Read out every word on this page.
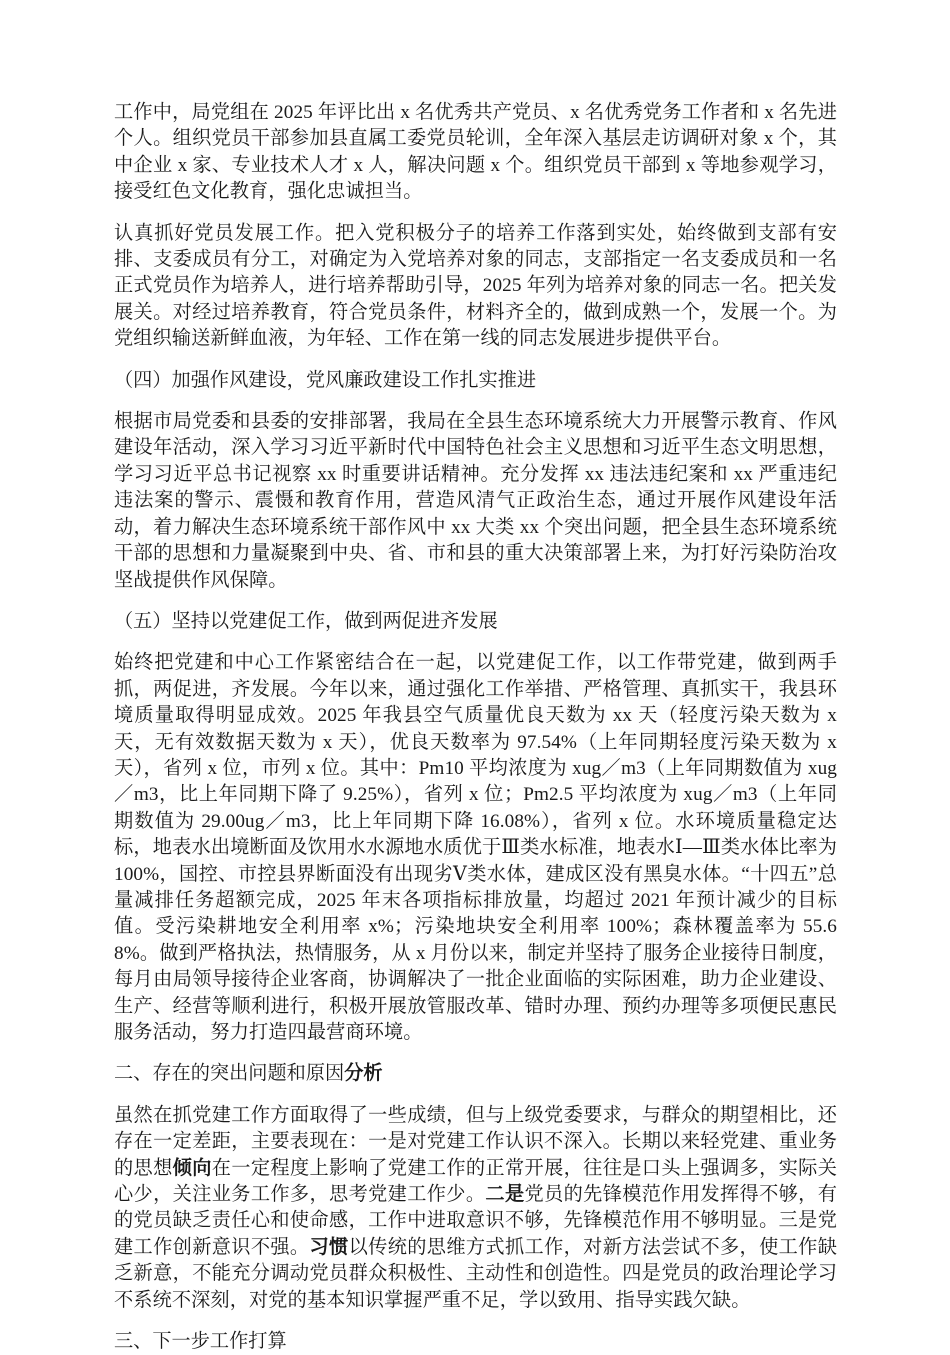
工作中，局党组在 2025 年评比出 x 名优秀共产党员、x 名优秀党务工作者和 x 名先进个人。组织党员干部参加县直属工委党员轮训，全年深入基层走访调研对象 x 个，其中企业 x 家、专业技术人才 x 人，解决问题 x 个。组织党员干部到 x 等地参观学习，接受红色文化教育，强化忠诚担当。

认真抓好党员发展工作。把入党积极分子的培养工作落到实处，始终做到支部有安排、支委成员有分工，对确定为入党培养对象的同志，支部指定一名支委成员和一名正式党员作为培养人，进行培养帮助引导，2025 年列为培养对象的同志一名。把关发展关。对经过培养教育，符合党员条件，材料齐全的，做到成熟一个，发展一个。为党组织输送新鲜血液，为年轻、工作在第一线的同志发展进步提供平台。

（四）加强作风建设，党风廉政建设工作扎实推进

根据市局党委和县委的安排部署，我局在全县生态环境系统大力开展警示教育、作风建设年活动，深入学习习近平新时代中国特色社会主义思想和习近平生态文明思想，学习习近平总书记视察 xx 时重要讲话精神。充分发挥 xx 违法违纪案和 xx 严重违纪违法案的警示、震慑和教育作用，营造风清气正政治生态，通过开展作风建设年活动，着力解决生态环境系统干部作风中 xx 大类 xx 个突出问题，把全县生态环境系统干部的思想和力量凝聚到中央、省、市和县的重大决策部署上来，为打好污染防治攻坚战提供作风保障。

（五）坚持以党建促工作，做到两促进齐发展

始终把党建和中心工作紧密结合在一起，以党建促工作，以工作带党建，做到两手抓，两促进，齐发展。今年以来，通过强化工作举措、严格管理、真抓实干，我县环境质量取得明显成效。2025 年我县空气质量优良天数为 xx 天（轻度污染天数为 x 天，无有效数据天数为 x 天），优良天数率为 97.54%（上年同期轻度污染天数为 x 天），省列 x 位，市列 x 位。其中：Pm10 平均浓度为 xug／m3（上年同期数值为 xug／m3，比上年同期下降了 9.25%），省列 x 位；Pm2.5 平均浓度为 xug／m3（上年同期数值为 29.00ug／m3，比上年同期下降 16.08%），省列 x 位。水环境质量稳定达标，地表水出境断面及饮用水水源地水质优于Ⅲ类水标准，地表水Ⅰ—Ⅲ类水体比率为 100%，国控、市控县界断面没有出现劣Ⅴ类水体，建成区没有黑臭水体。“十四五”总量减排任务超额完成，2025 年末各项指标排放量，均超过 2021 年预计减少的目标值。受污染耕地安全利用率 x%；污染地块安全利用率 100%；森林覆盖率为 55.68%。做到严格执法，热情服务，从 x 月份以来，制定并坚持了服务企业接待日制度，每月由局领导接待企业客商，协调解决了一批企业面临的实际困难，助力企业建设、生产、经营等顺利进行，积极开展放管服改革、错时办理、预约办理等多项便民惠民服务活动，努力打造四最营商环境。

二、存在的突出问题和原因分析

虽然在抓党建工作方面取得了一些成绩，但与上级党委要求，与群众的期望相比，还存在一定差距，主要表现在：一是对党建工作认识不深入。长期以来轻党建、重业务的思想倾向在一定程度上影响了党建工作的正常开展，往往是口头上强调多，实际关心少，关注业务工作多，思考党建工作少。二是党员的先锋模范作用发挥得不够，有的党员缺乏责任心和使命感，工作中进取意识不够，先锋模范作用不够明显。三是党建工作创新意识不强。习惯以传统的思维方式抓工作，对新方法尝试不多，使工作缺乏新意，不能充分调动党员群众积极性、主动性和创造性。四是党员的政治理论学习不系统不深刻，对党的基本知识掌握严重不足，学以致用、指导实践欠缺。

三、下一步工作打算
